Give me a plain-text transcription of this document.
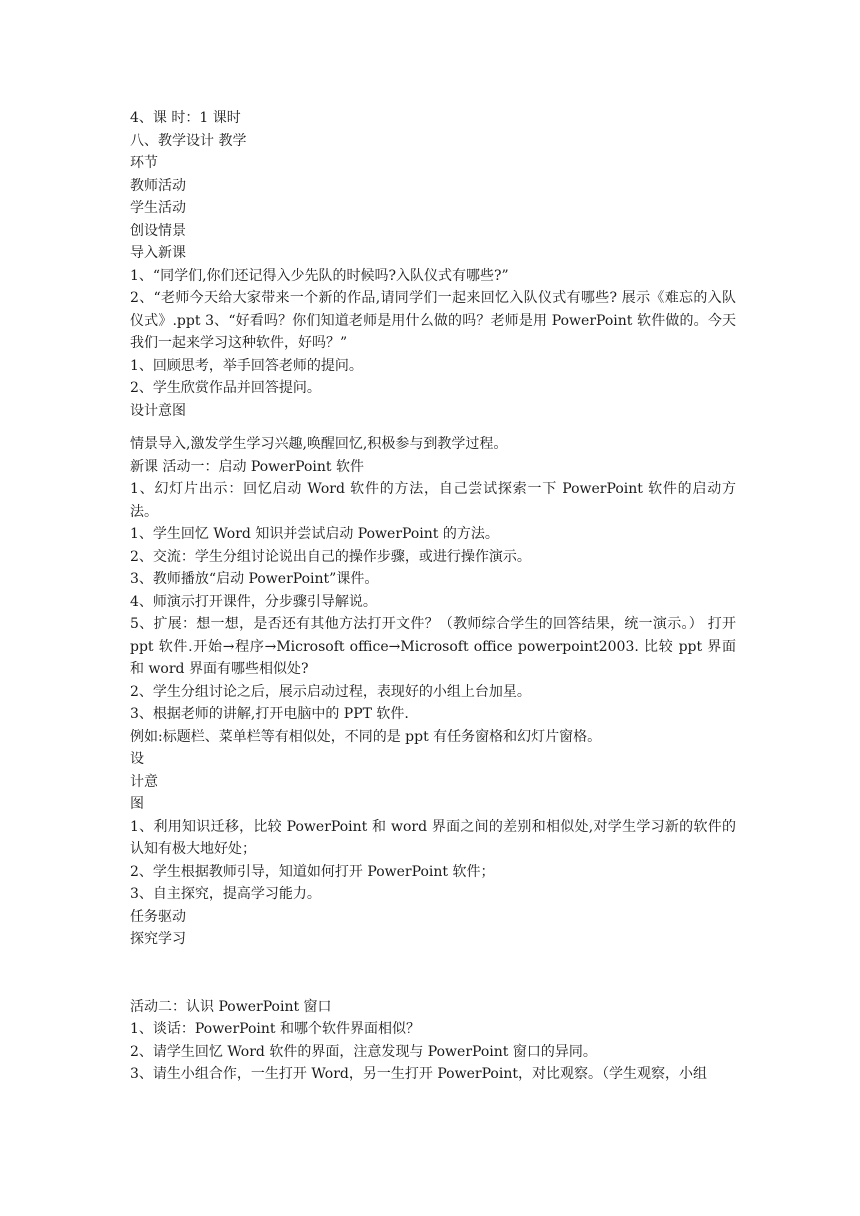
4、课 时：1 课时

八、教学设计 教学

环节

教师活动

学生活动

创设情景

导入新课

1、“同学们,你们还记得入少先队的时候吗?入队仪式有哪些?”

2、“老师今天给大家带来一个新的作品,请同学们一起来回忆入队仪式有哪些? 展示《难忘的入队仪式》.ppt 3、“好看吗？你们知道老师是用什么做的吗？老师是用 PowerPoint 软件做的。今天我们一起来学习这种软件，好吗？”

1、回顾思考，举手回答老师的提问。

2、学生欣赏作品并回答提问。

设计意图

情景导入,激发学生学习兴趣,唤醒回忆,积极参与到教学过程。

新课 活动一：启动 PowerPoint 软件

1、幻灯片出示：回忆启动 Word 软件的方法，自己尝试探索一下 PowerPoint 软件的启动方法。

1、学生回忆 Word 知识并尝试启动 PowerPoint 的方法。

2、交流：学生分组讨论说出自己的操作步骤，或进行操作演示。

3、教师播放“启动 PowerPoint”课件。

4、师演示打开课件，分步骤引导解说。

5、扩展：想一想，是否还有其他方法打开文件？（教师综合学生的回答结果，统一演示。） 打开 ppt 软件.开始→程序→Microsoft office→Microsoft office powerpoint2003. 比较 ppt 界面和 word 界面有哪些相似处?

2、学生分组讨论之后，展示启动过程，表现好的小组上台加星。

3、根据老师的讲解,打开电脑中的 PPT 软件.

例如:标题栏、菜单栏等有相似处，不同的是 ppt 有任务窗格和幻灯片窗格。

设

计意

图

1、利用知识迁移，比较 PowerPoint 和 word 界面之间的差别和相似处,对学生学习新的软件的认知有极大地好处；

2、学生根据教师引导，知道如何打开 PowerPoint 软件；

3、自主探究，提高学习能力。

任务驱动

探究学习

活动二：认识 PowerPoint 窗口

1、谈话：PowerPoint 和哪个软件界面相似？

2、请学生回忆 Word 软件的界面，注意发现与 PowerPoint 窗口的异同。

3、请生小组合作，一生打开 Word，另一生打开 PowerPoint，对比观察。（学生观察，小组
